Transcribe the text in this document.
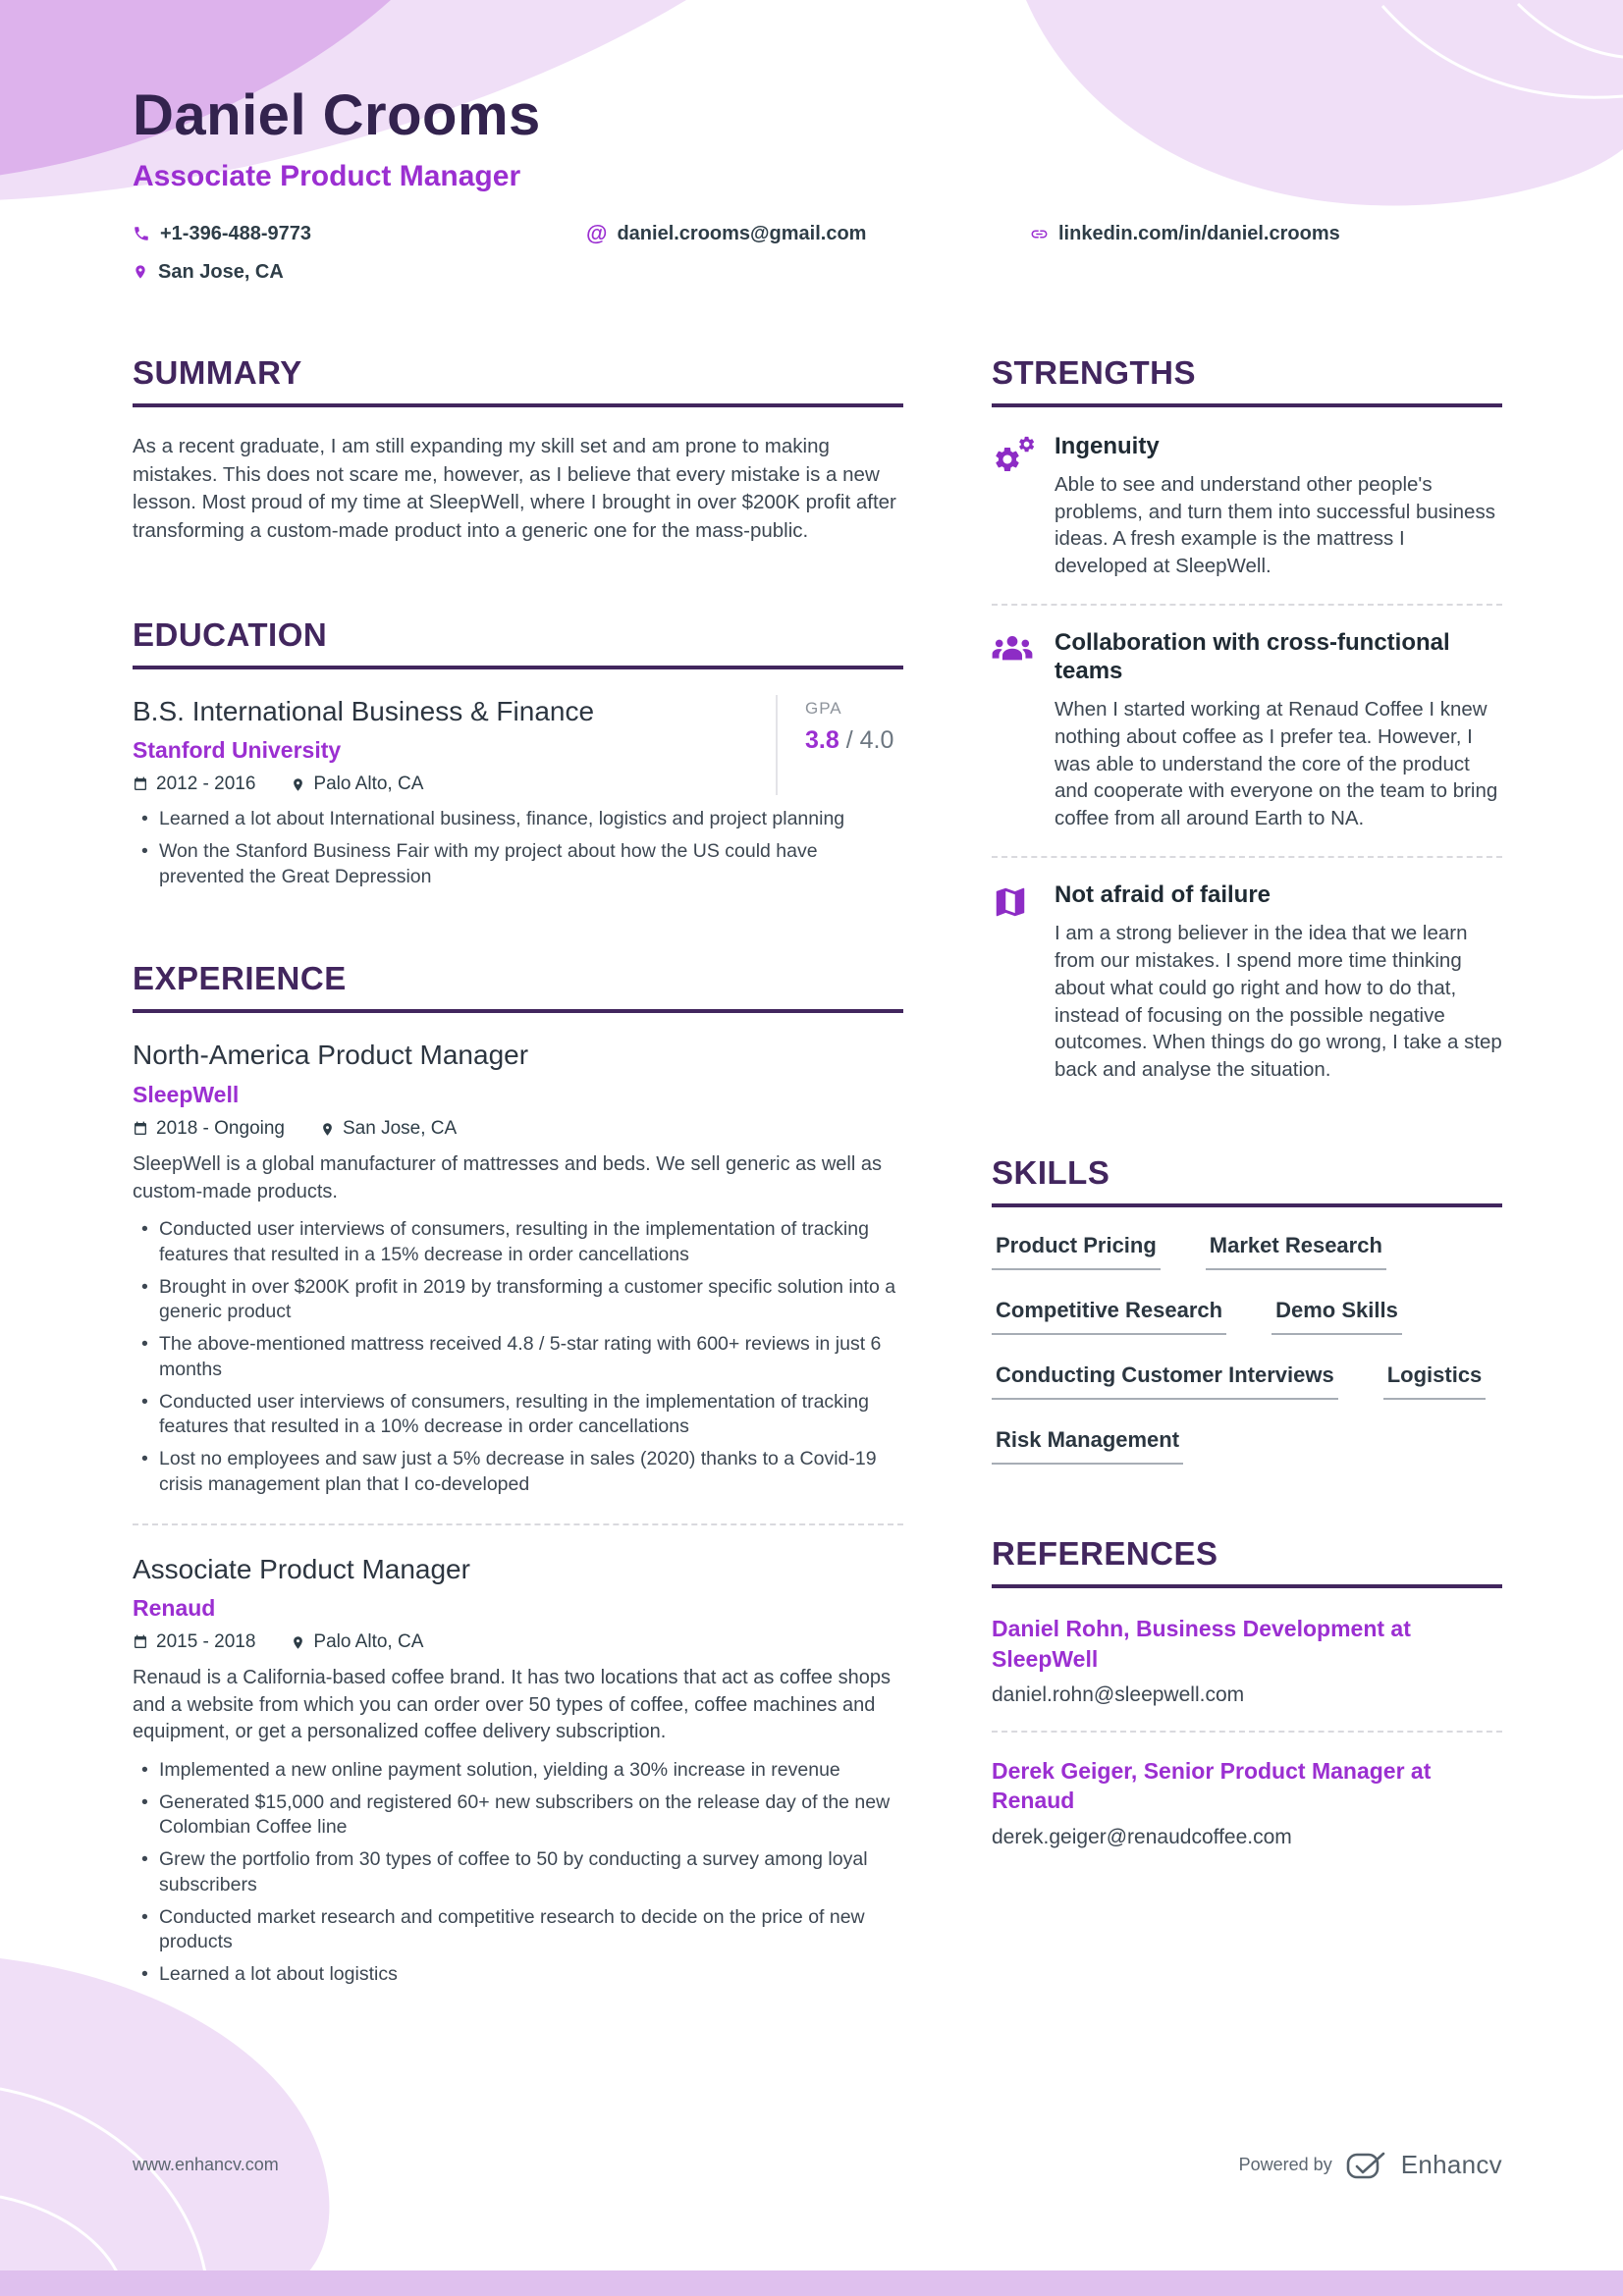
Daniel Crooms
Associate Product Manager
+1-396-488-9773	@ daniel.crooms@gmail.com	linkedin.com/in/daniel.crooms
San Jose, CA
SUMMARY

As a recent graduate, I am still expanding my skill set and am prone to making mistakes. This does not scare me, however, as I believe that every mistake is a new lesson. Most proud of my time at SleepWell, where I brought in over $200K profit after transforming a custom-made product into a generic one for the mass-public.

EDUCATION
B.S. International Business & Finance
Stanford University
2012 - 2016	Palo Alto, CA
GPA
3.8 / 4.0
• Learned a lot about International business, finance, logistics and project planning
• Won the Stanford Business Fair with my project about how the US could have prevented the Great Depression
EXPERIENCE
North-America Product Manager
SleepWell
2018 - Ongoing	San Jose, CA

SleepWell is a global manufacturer of mattresses and beds. We sell generic as well as custom-made products.

• Conducted user interviews of consumers, resulting in the implementation of tracking features that resulted in a 15% decrease in order cancellations
• Brought in over $200K profit in 2019 by transforming a customer specific solution into a generic product
• The above-mentioned mattress received 4.8 / 5-star rating with 600+ reviews in just 6 months
• Conducted user interviews of consumers, resulting in the implementation of tracking features that resulted in a 10% decrease in order cancellations
• Lost no employees and saw just a 5% decrease in sales (2020) thanks to a Covid-19 crisis management plan that I co-developed
Associate Product Manager
Renaud
2015 - 2018	Palo Alto, CA

Renaud is a California-based coffee brand. It has two locations that act as coffee shops and a website from which you can order over 50 types of coffee, coffee machines and equipment, or get a personalized coffee delivery subscription.

• Implemented a new online payment solution, yielding a 30% increase in revenue
• Generated $15,000 and registered 60+ new subscribers on the release day of the new Colombian Coffee line
• Grew the portfolio from 30 types of coffee to 50 by conducting a survey among loyal subscribers
• Conducted market research and competitive research to decide on the price of new products
• Learned a lot about logistics
STRENGTHS
Ingenuity

Able to see and understand other people's problems, and turn them into successful business ideas. A fresh example is the mattress I developed at SleepWell.

Collaboration with cross-functional teams

When I started working at Renaud Coffee I knew nothing about coffee as I prefer tea. However, I was able to understand the core of the product and cooperate with everyone on the team to bring coffee from all around Earth to NA.

Not afraid of failure

I am a strong believer in the idea that we learn from our mistakes. I spend more time thinking about what could go right and how to do that, instead of focusing on the possible negative outcomes. When things do go wrong, I take a step back and analyse the situation.

SKILLS
Product Pricing Market Research
Competitive Research Demo Skills
Conducting Customer Interviews Logistics
Risk Management
REFERENCES
Daniel Rohn, Business Development at SleepWell
daniel.rohn@sleepwell.com
Derek Geiger, Senior Product Manager at Renaud
derek.geiger@renaudcoffee.com
www.enhancv.com	Powered by	Enhancv
